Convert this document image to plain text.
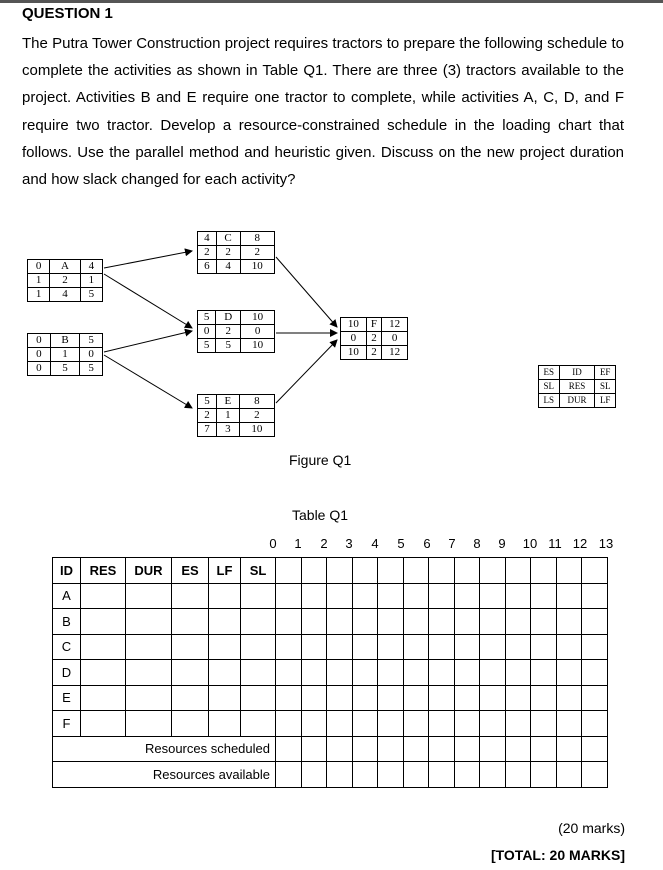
QUESTION 1
The Putra Tower Construction project requires tractors to prepare the following schedule to complete the activities as shown in Table Q1. There are three (3) tractors available to the project. Activities B and E require one tractor to complete, while activities A, C, D, and F require two tractor. Develop a resource-constrained schedule in the loading chart that follows. Use the parallel method and heuristic given. Discuss on the new project duration and how slack changed for each activity?
0	A	4
1	2	1
1	4	5
0	B	5
0	1	0
0	5	5
4	C	8
2	2	2
6	4	10
5	D	10
0	2	0
5	5	10
5	E	8
2	1	2
7	3	10
10	F	12
0	2	0
10	2	12
ES	ID	EF
SL	RES	SL
LS	DUR	LF
Figure Q1
Table Q1
0 1 2 3 4 5 6 7 8 9 10 11 12 13
ID	RES	DUR	ES	LF	SL													
A																		
B																		
C																		
D																		
E																		
F																		
Resources scheduled																		
Resources available																		
(20 marks)
[TOTAL: 20 MARKS]
